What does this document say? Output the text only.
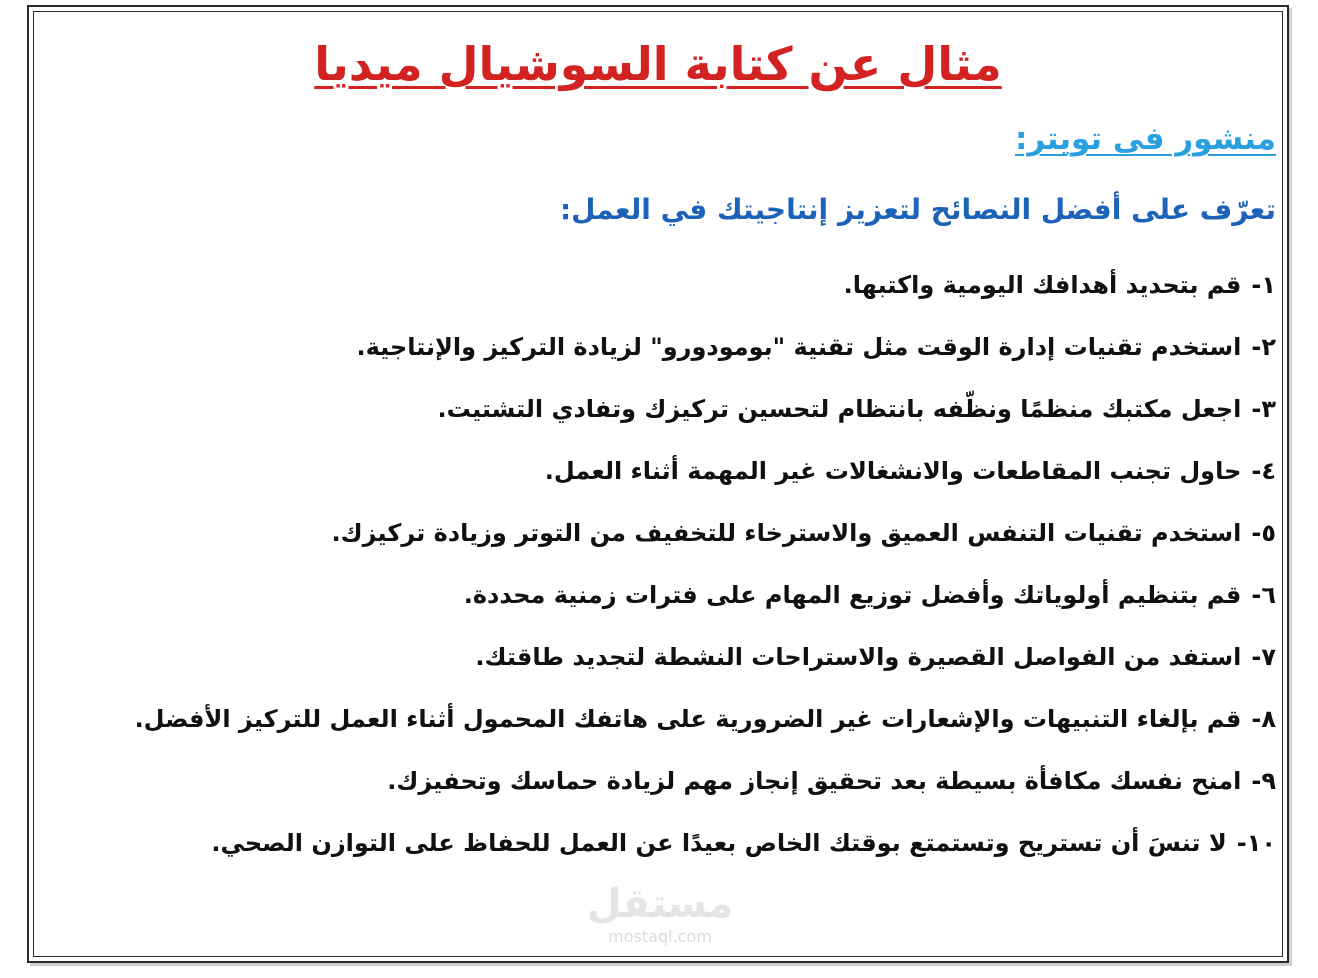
مثال عن كتابة السوشيال ميديا
منشور فى تويتر:

تعرّف على أفضل النصائح لتعزيز إنتاجيتك في العمل:

١-قم بتحديد أهدافك اليومية واكتبها.
٢-استخدم تقنيات إدارة الوقت مثل تقنية "بومودورو" لزيادة التركيز والإنتاجية.
٣-اجعل مكتبك منظمًا ونظّفه بانتظام لتحسين تركيزك وتفادي التشتيت.
٤-حاول تجنب المقاطعات والانشغالات غير المهمة أثناء العمل.
٥-استخدم تقنيات التنفس العميق والاسترخاء للتخفيف من التوتر وزيادة تركيزك.
٦-قم بتنظيم أولوياتك وأفضل توزيع المهام على فترات زمنية محددة.
٧-استفد من الفواصل القصيرة والاستراحات النشطة لتجديد طاقتك.
٨-قم بإلغاء التنبيهات والإشعارات غير الضرورية على هاتفك المحمول أثناء العمل للتركيز الأفضل.
٩-امنح نفسك مكافأة بسيطة بعد تحقيق إنجاز مهم لزيادة حماسك وتحفيزك.
١٠-لا تنسَ أن تستريح وتستمتع بوقتك الخاص بعيدًا عن العمل للحفاظ على التوازن الصحي.
مستقل
mostaql.com
